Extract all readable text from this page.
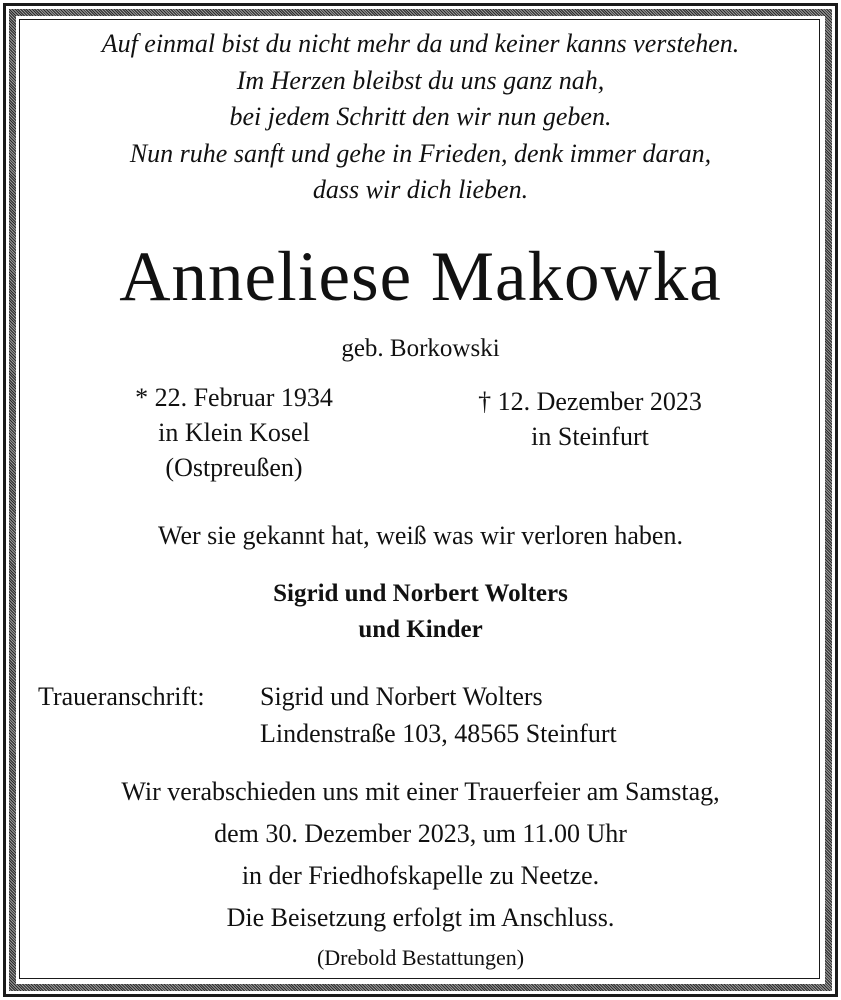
Auf einmal bist du nicht mehr da und keiner kanns verstehen.
Im Herzen bleibst du uns ganz nah,
bei jedem Schritt den wir nun geben.
Nun ruhe sanft und gehe in Frieden, denk immer daran,
dass wir dich lieben.
Anneliese Makowka
geb. Borkowski
* 22. Februar 1934
in Klein Kosel
(Ostpreußen)
† 12. Dezember 2023
in Steinfurt
Wer sie gekannt hat, weiß was wir verloren haben.
Sigrid und Norbert Wolters
und Kinder
Traueranschrift: Sigrid und Norbert Wolters
Lindenstraße 103, 48565 Steinfurt
Wir verabschieden uns mit einer Trauerfeier am Samstag,
dem 30. Dezember 2023, um 11.00 Uhr
in der Friedhofskapelle zu Neetze.
Die Beisetzung erfolgt im Anschluss.
(Drebold Bestattungen)
